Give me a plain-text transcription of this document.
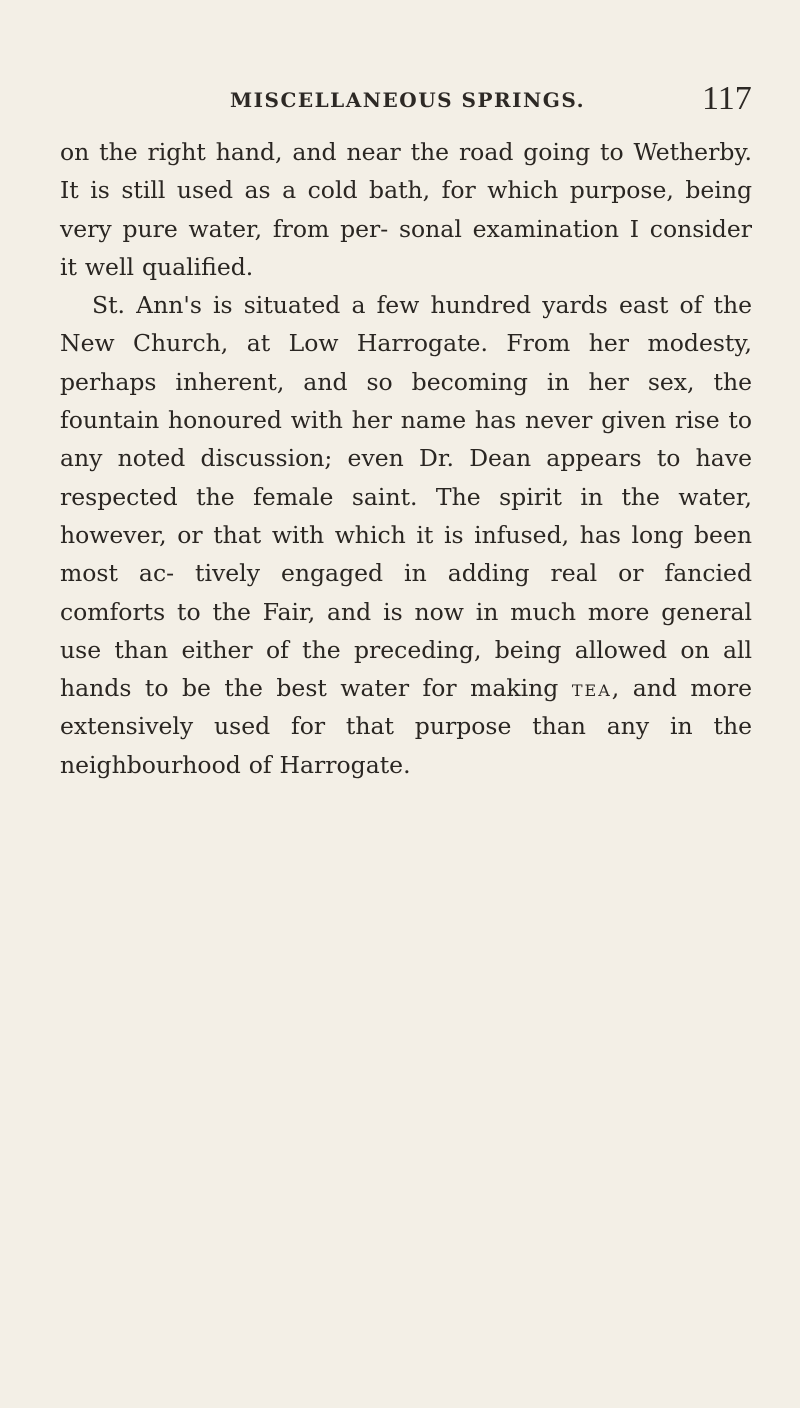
MISCELLANEOUS SPRINGS.	117

on the right hand, and near the road going to Wetherby. It is still used as a cold bath, for which purpose, being very pure water, from per- sonal examination I consider it well qualified.

St. Ann's is situated a few hundred yards east of the New Church, at Low Harrogate. From her modesty, perhaps inherent, and so becoming in her sex, the fountain honoured with her name has never given rise to any noted discussion; even Dr. Dean appears to have respected the female saint. The spirit in the water, however, or that with which it is infused, has long been most ac- tively engaged in adding real or fancied comforts to the Fair, and is now in much more general use than either of the preceding, being allowed on all hands to be the best water for making tea, and more extensively used for that purpose than any in the neighbourhood of Harrogate.
